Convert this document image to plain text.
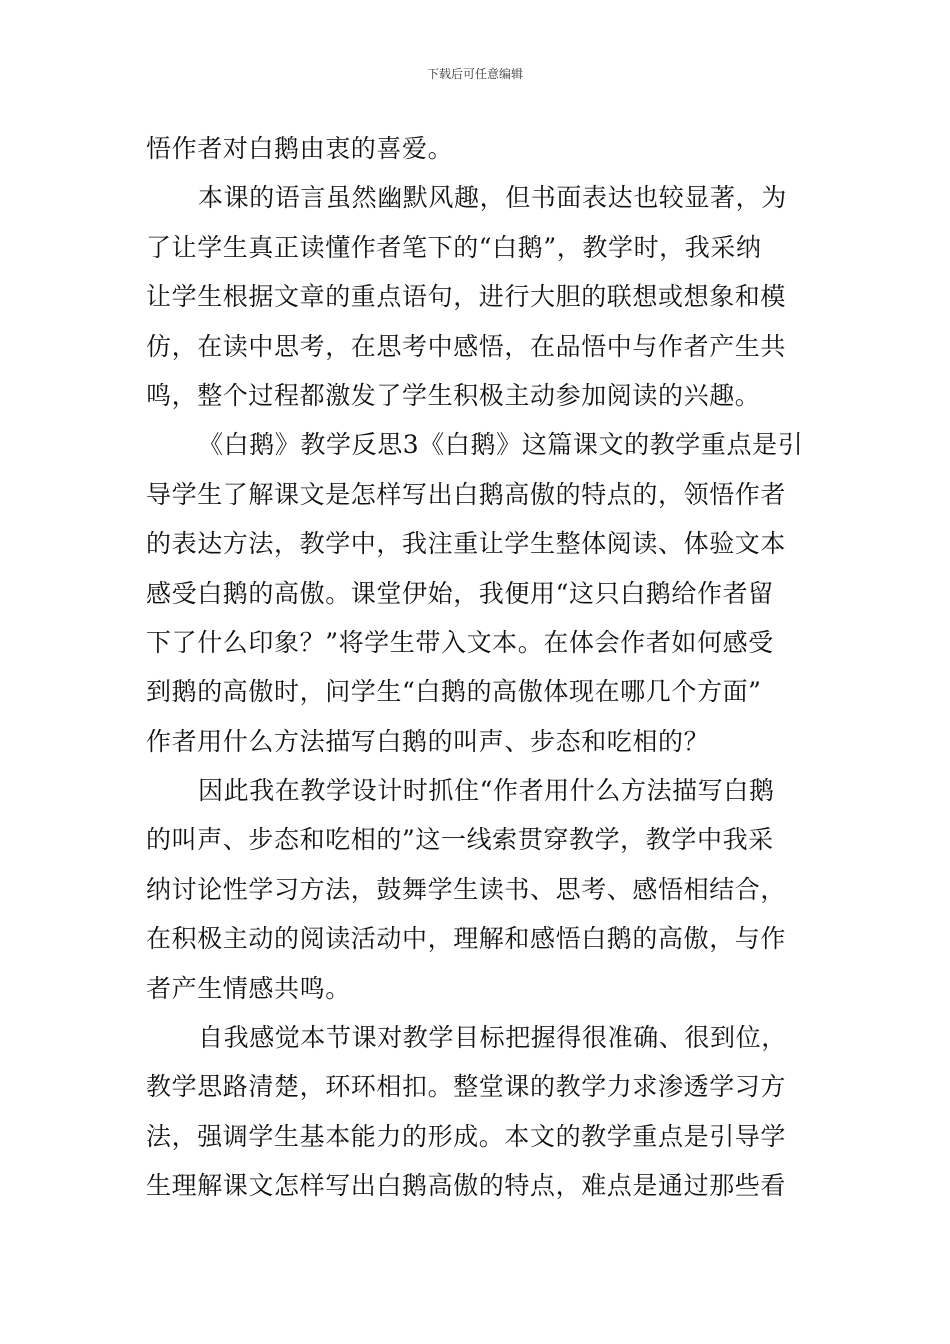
下载后可任意编辑
悟作者对白鹅由衷的喜爱。
本课的语言虽然幽默风趣，但书面表达也较显著，为
了让学生真正读懂作者笔下的“白鹅”，教学时，我采纳
让学生根据文章的重点语句，进行大胆的联想或想象和模
仿，在读中思考，在思考中感悟，在品悟中与作者产生共
鸣，整个过程都激发了学生积极主动参加阅读的兴趣。
《白鹅》教学反思3《白鹅》这篇课文的教学重点是引
导学生了解课文是怎样写出白鹅高傲的特点的，领悟作者
的表达方法，教学中，我注重让学生整体阅读、体验文本
感受白鹅的高傲。课堂伊始，我便用“这只白鹅给作者留
下了什么印象？”将学生带入文本。在体会作者如何感受
到鹅的高傲时，问学生“白鹅的高傲体现在哪几个方面”
作者用什么方法描写白鹅的叫声、步态和吃相的？
因此我在教学设计时抓住“作者用什么方法描写白鹅
的叫声、步态和吃相的”这一线索贯穿教学，教学中我采
纳讨论性学习方法，鼓舞学生读书、思考、感悟相结合，
在积极主动的阅读活动中，理解和感悟白鹅的高傲，与作
者产生情感共鸣。
自我感觉本节课对教学目标把握得很准确、很到位，
教学思路清楚，环环相扣。整堂课的教学力求渗透学习方
法，强调学生基本能力的形成。本文的教学重点是引导学
生理解课文怎样写出白鹅高傲的特点，难点是通过那些看
